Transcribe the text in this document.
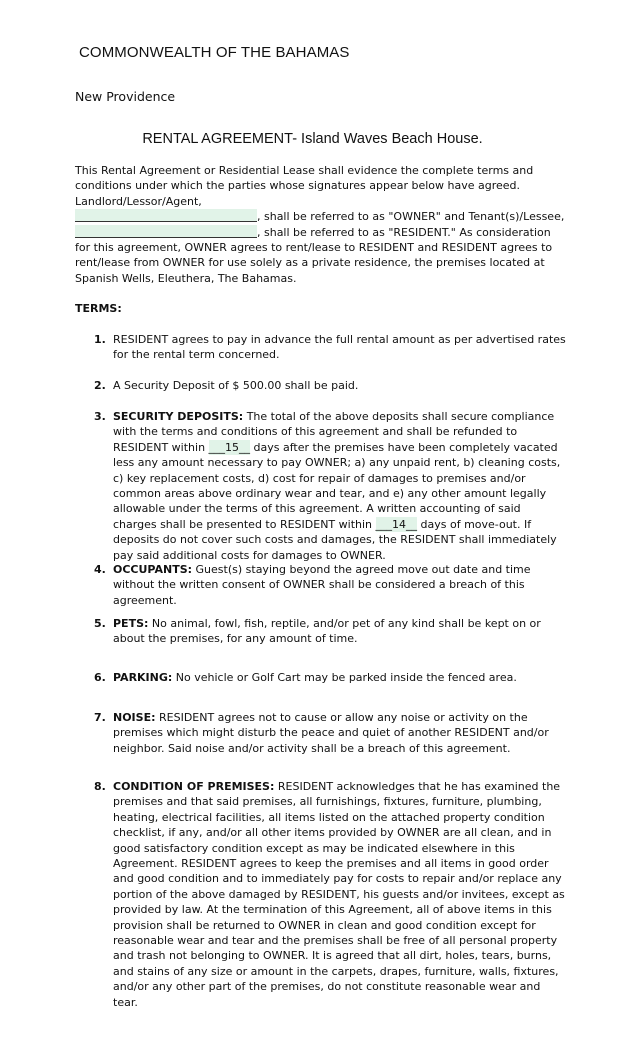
COMMONWEALTH OF THE BAHAMAS
New Providence
RENTAL AGREEMENT- Island Waves Beach House.
This Rental Agreement or Residential Lease shall evidence the complete terms and conditions under which the parties whose signatures appear below have agreed. Landlord/Lessor/Agent,
, shall be referred to as "OWNER" and Tenant(s)/Lessee,
, shall be referred to as "RESIDENT." As consideration for this agreement, OWNER agrees to rent/lease to RESIDENT and RESIDENT agrees to rent/lease from OWNER for use solely as a private residence, the premises located at Spanish Wells, Eleuthera, The Bahamas.
TERMS:
1. RESIDENT agrees to pay in advance the full rental amount as per advertised rates for the rental term concerned.
2. A Security Deposit of $ 500.00 shall be paid.
3. SECURITY DEPOSITS: The total of the above deposits shall secure compliance with the terms and conditions of this agreement and shall be refunded to RESIDENT within ___15__ days after the premises have been completely vacated less any amount necessary to pay OWNER; a) any unpaid rent, b) cleaning costs, c) key replacement costs, d) cost for repair of damages to premises and/or common areas above ordinary wear and tear, and e) any other amount legally allowable under the terms of this agreement. A written accounting of said charges shall be presented to RESIDENT within ___14__ days of move-out. If deposits do not cover such costs and damages, the RESIDENT shall immediately pay said additional costs for damages to OWNER.
4. OCCUPANTS: Guest(s) staying beyond the agreed move out date and time without the written consent of OWNER shall be considered a breach of this agreement.
5. PETS: No animal, fowl, fish, reptile, and/or pet of any kind shall be kept on or about the premises, for any amount of time.
6. PARKING: No vehicle or Golf Cart may be parked inside the fenced area.
7. NOISE: RESIDENT agrees not to cause or allow any noise or activity on the premises which might disturb the peace and quiet of another RESIDENT and/or neighbor. Said noise and/or activity shall be a breach of this agreement.
8. CONDITION OF PREMISES: RESIDENT acknowledges that he has examined the premises and that said premises, all furnishings, fixtures, furniture, plumbing, heating, electrical facilities, all items listed on the attached property condition checklist, if any, and/or all other items provided by OWNER are all clean, and in good satisfactory condition except as may be indicated elsewhere in this Agreement. RESIDENT agrees to keep the premises and all items in good order and good condition and to immediately pay for costs to repair and/or replace any portion of the above damaged by RESIDENT, his guests and/or invitees, except as provided by law. At the termination of this Agreement, all of above items in this provision shall be returned to OWNER in clean and good condition except for reasonable wear and tear and the premises shall be free of all personal property and trash not belonging to OWNER. It is agreed that all dirt, holes, tears, burns, and stains of any size or amount in the carpets, drapes, furniture, walls, fixtures, and/or any other part of the premises, do not constitute reasonable wear and tear.
